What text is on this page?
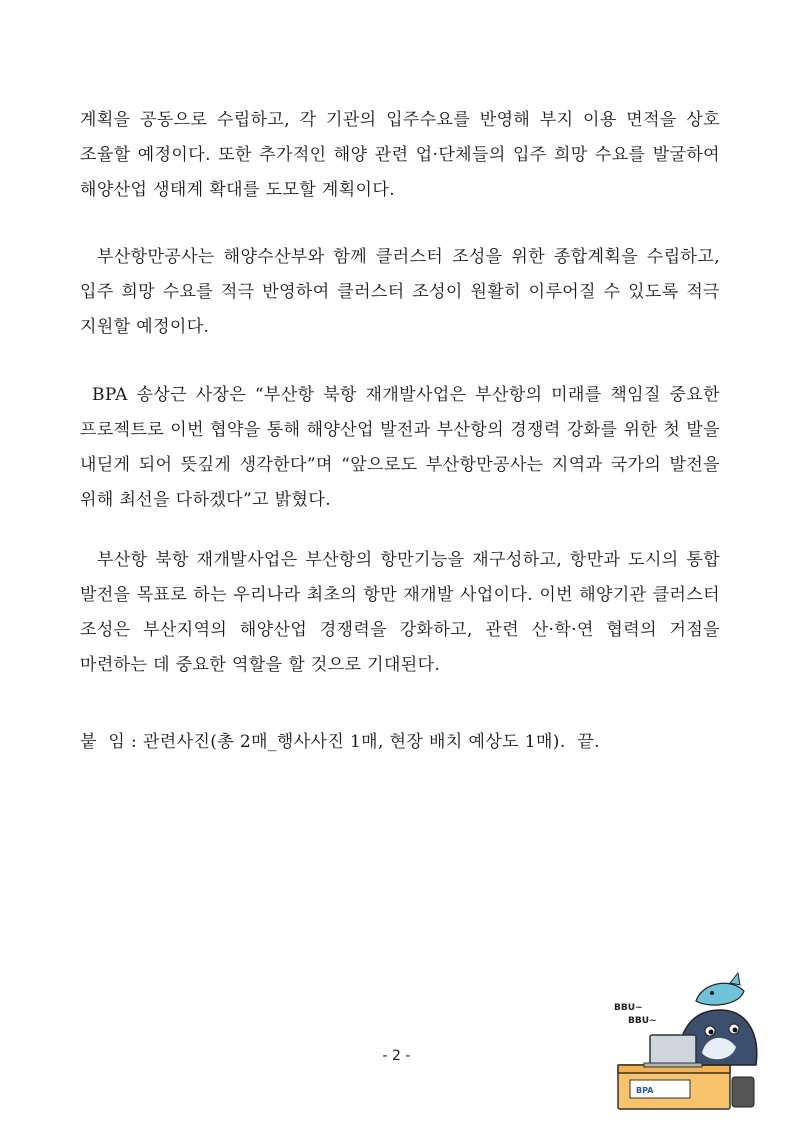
계획을 공동으로 수립하고, 각 기관의 입주수요를 반영해 부지 이용 면적을 상호 조율할 예정이다. 또한 추가적인 해양 관련 업·단체들의 입주 희망 수요를 발굴하여 해양산업 생태계 확대를 도모할 계획이다.

부산항만공사는 해양수산부와 함께 클러스터 조성을 위한 종합계획을 수립하고, 입주 희망 수요를 적극 반영하여 클러스터 조성이 원활히 이루어질 수 있도록 적극 지원할 예정이다.

BPA 송상근 사장은 “부산항 북항 재개발사업은 부산항의 미래를 책임질 중요한 프로젝트로 이번 협약을 통해 해양산업 발전과 부산항의 경쟁력 강화를 위한 첫 발을 내딛게 되어 뜻깊게 생각한다”며 “앞으로도 부산항만공사는 지역과 국가의 발전을 위해 최선을 다하겠다”고 밝혔다.

부산항 북항 재개발사업은 부산항의 항만기능을 재구성하고, 항만과 도시의 통합 발전을 목표로 하는 우리나라 최초의 항만 재개발 사업이다. 이번 해양기관 클러스터 조성은 부산지역의 해양산업 경쟁력을 강화하고, 관련 산·학·연 협력의 거점을 마련하는 데 중요한 역할을 할 것으로 기대된다.

붙  임 : 관련사진(총 2매_행사사진 1매, 현장 배치 예상도 1매).  끝.
- 2 -
BBU~
BBU~
BPA
